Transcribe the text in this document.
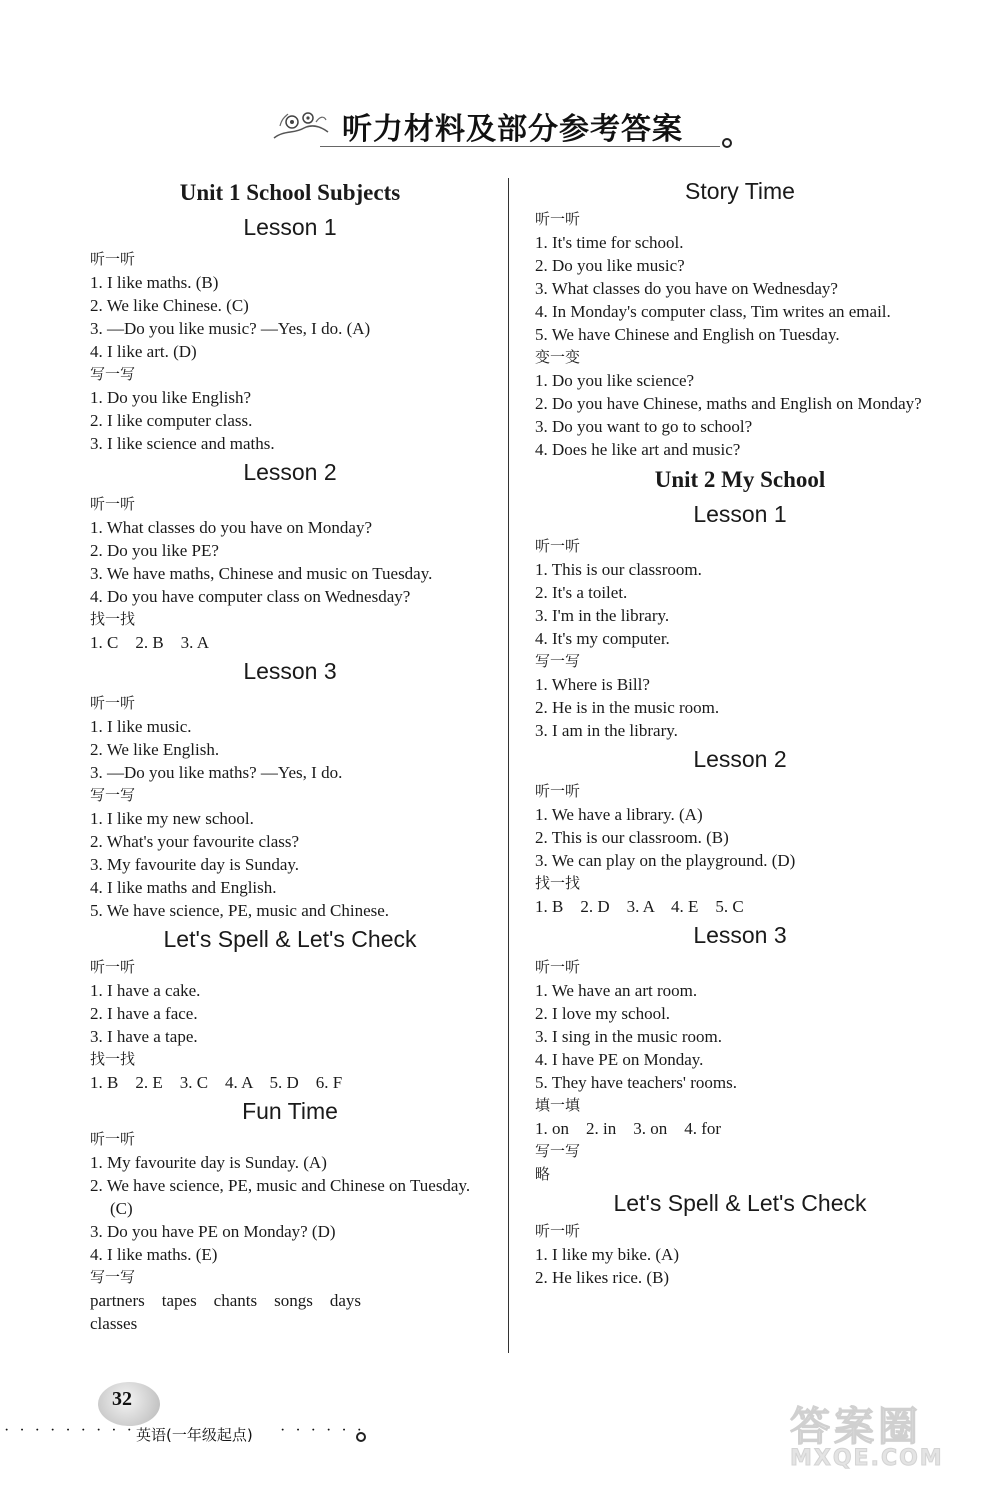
听力材料及部分参考答案
Unit 1 School Subjects
Lesson 1
听一听
1. I like maths. (B)
2. We like Chinese. (C)
3. —Do you like music? —Yes, I do. (A)
4. I like art. (D)
写一写
1. Do you like English?
2. I like computer class.
3. I like science and maths.
Lesson 2
听一听
1. What classes do you have on Monday?
2. Do you like PE?
3. We have maths, Chinese and music on Tuesday.
4. Do you have computer class on Wednesday?
找一找
1. C    2. B    3. A
Lesson 3
听一听
1. I like music.
2. We like English.
3. —Do you like maths? —Yes, I do.
写一写
1. I like my new school.
2. What's your favourite class?
3. My favourite day is Sunday.
4. I like maths and English.
5. We have science, PE, music and Chinese.
Let's Spell & Let's Check
听一听
1. I have a cake.
2. I have a face.
3. I have a tape.
找一找
1. B    2. E    3. C    4. A    5. D    6. F
Fun Time
听一听
1. My favourite day is Sunday. (A)
2. We have science, PE, music and Chinese on Tuesday. (C)
3. Do you have PE on Monday? (D)
4. I like maths. (E)
写一写
partners    tapes    chants    songs    days
classes
Story Time
听一听
1. It's time for school.
2. Do you like music?
3. What classes do you have on Wednesday?
4. In Monday's computer class, Tim writes an email.
5. We have Chinese and English on Tuesday.
变一变
1. Do you like science?
2. Do you have Chinese, maths and English on Monday?
3. Do you want to go to school?
4. Does he like art and music?
Unit 2 My School
Lesson 1
听一听
1. This is our classroom.
2. It's a toilet.
3. I'm in the library.
4. It's my computer.
写一写
1. Where is Bill?
2. He is in the music room.
3. I am in the library.
Lesson 2
听一听
1. We have a library. (A)
2. This is our classroom. (B)
3. We can play on the playground. (D)
找一找
1. B    2. D    3. A    4. E    5. C
Lesson 3
听一听
1. We have an art room.
2. I love my school.
3. I sing in the music room.
4. I have PE on Monday.
5. They have teachers' rooms.
填一填
1. on    2. in    3. on    4. for
写一写
略
Let's Spell & Let's Check
听一听
1. I like my bike. (A)
2. He likes rice. (B)
32
· · · · · · · · · 英语(一年级起点) · · · · · ·	答案圈
MXQE.COM
